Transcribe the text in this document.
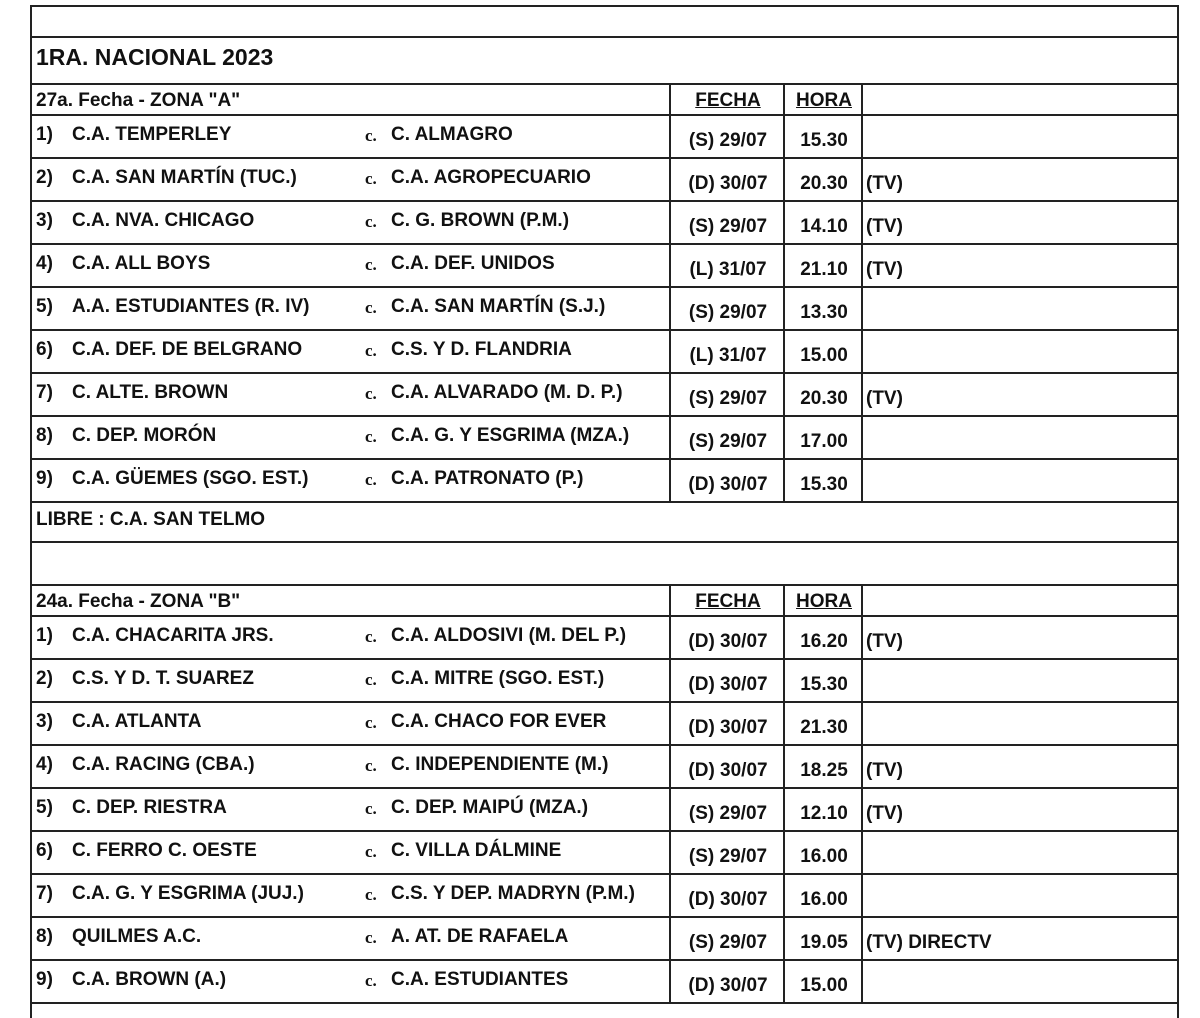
1RA. NACIONAL 2023
27a. Fecha - ZONA "A"	FECHA	HORA
1) C.A. TEMPERLEY	c. C. ALMAGRO	(S) 29/07	15.30
2) C.A. SAN MARTÍN (TUC.)	c. C.A. AGROPECUARIO	(D) 30/07	20.30 (TV)
3) C.A. NVA. CHICAGO	c. C. G. BROWN (P.M.)	(S) 29/07	14.10 (TV)
4) C.A. ALL BOYS	c. C.A. DEF. UNIDOS	(L) 31/07	21.10 (TV)
5) A.A. ESTUDIANTES (R. IV)	c. C.A. SAN MARTÍN (S.J.)	(S) 29/07	13.30
6) C.A. DEF. DE BELGRANO	c. C.S. Y D. FLANDRIA	(L) 31/07	15.00
7) C. ALTE. BROWN	c. C.A. ALVARADO (M. D. P.)	(S) 29/07	20.30 (TV)
8) C. DEP. MORÓN	c. C.A. G. Y ESGRIMA (MZA.)	(S) 29/07	17.00
9) C.A. GÜEMES (SGO. EST.)	c. C.A. PATRONATO (P.)	(D) 30/07	15.30
LIBRE : C.A. SAN TELMO
24a. Fecha - ZONA "B"	FECHA	HORA
1) C.A. CHACARITA JRS.	c. C.A. ALDOSIVI (M. DEL P.)	(D) 30/07	16.20 (TV)
2) C.S. Y D. T. SUAREZ	c. C.A. MITRE (SGO. EST.)	(D) 30/07	15.30
3) C.A. ATLANTA	c. C.A. CHACO FOR EVER	(D) 30/07	21.30
4) C.A. RACING (CBA.)	c. C. INDEPENDIENTE (M.)	(D) 30/07	18.25 (TV)
5) C. DEP. RIESTRA	c. C. DEP. MAIPÚ (MZA.)	(S) 29/07	12.10 (TV)
6) C. FERRO C. OESTE	c. C. VILLA DÁLMINE	(S) 29/07	16.00
7) C.A. G. Y ESGRIMA (JUJ.)	c. C.S. Y DEP. MADRYN (P.M.)	(D) 30/07	16.00
8) QUILMES A.C.	c. A. AT. DE RAFAELA	(S) 29/07	19.05 (TV) DIRECTV
9) C.A. BROWN (A.)	c. C.A. ESTUDIANTES	(D) 30/07	15.00
